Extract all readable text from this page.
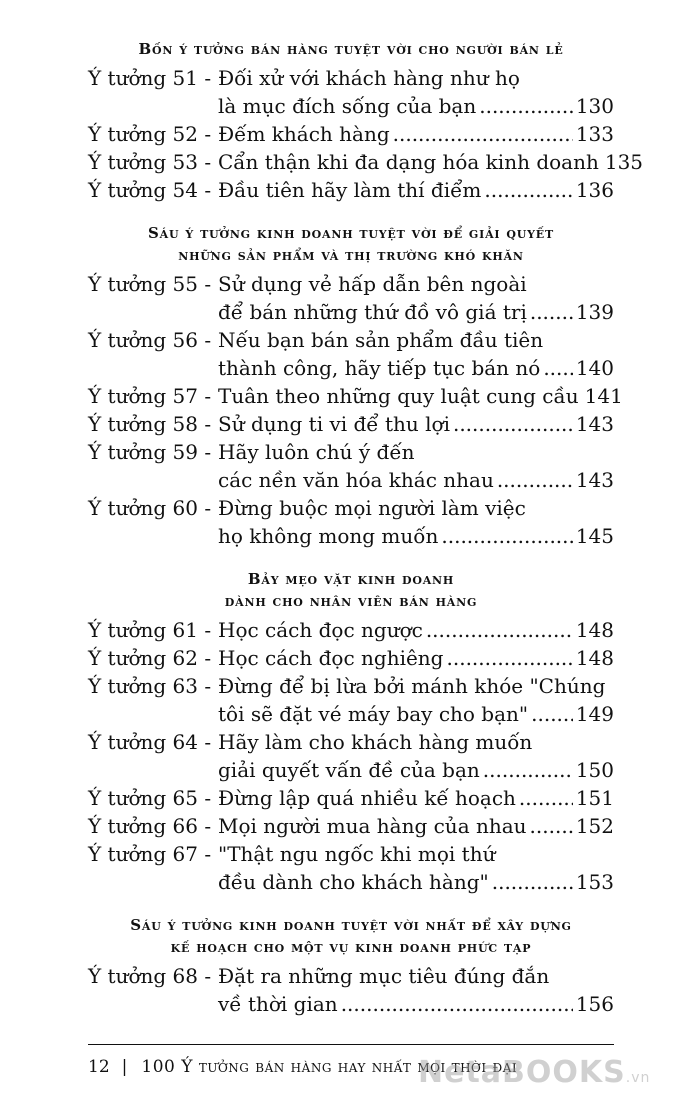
Bốn ý tưởng bán hàng tuyệt vời cho người bán lẻ
Ý tưởng 51 - Đối xử với khách hàng như họ
là mục đích sống của bạn .....	130
Ý tưởng 52 - Đếm khách hàng .....	133
Ý tưởng 53 - Cẩn thận khi đa dạng hóa kinh doanh 135
Ý tưởng 54 - Đầu tiên hãy làm thí điểm .....	136
Sáu ý tưởng kinh doanh tuyệt vời để giải quyết
những sản phẩm và thị trường khó khăn
Ý tưởng 55 - Sử dụng vẻ hấp dẫn bên ngoài
để bán những thứ đồ vô giá trị ..... 139
Ý tưởng 56 - Nếu bạn bán sản phẩm đầu tiên
thành công, hãy tiếp tục bán nó ..... 140
Ý tưởng 57 - Tuân theo những quy luật cung cầu 141
Ý tưởng 58 - Sử dụng ti vi để thu lợi .....	143
Ý tưởng 59 - Hãy luôn chú ý đến
các nền văn hóa khác nhau .....	143
Ý tưởng 60 - Đừng buộc mọi người làm việc
họ không mong muốn .....	145
Bảy mẹo vặt kinh doanh
dành cho nhân viên bán hàng
Ý tưởng 61 - Học cách đọc ngược .....	148
Ý tưởng 62 - Học cách đọc nghiêng .....	148
Ý tưởng 63 - Đừng để bị lừa bởi mánh khóe "Chúng
tôi sẽ đặt vé máy bay cho bạn" ..... 149
Ý tưởng 64 - Hãy làm cho khách hàng muốn
giải quyết vấn đề của bạn .....	150
Ý tưởng 65 - Đừng lập quá nhiều kế hoạch .....	151
Ý tưởng 66 - Mọi người mua hàng của nhau ..... 152
Ý tưởng 67 - "Thật ngu ngốc khi mọi thứ
đều dành cho khách hàng" .....	153
Sáu ý tưởng kinh doanh tuyệt vời nhất để xây dựng
kế hoạch cho một vụ kinh doanh phức tạp
Ý tưởng 68 - Đặt ra những mục tiêu đúng đắn
về thời gian .....	156
12 | 100 Ý tưởng bán hàng hay nhất mọi thời đại
NetaBOOKS.vn
